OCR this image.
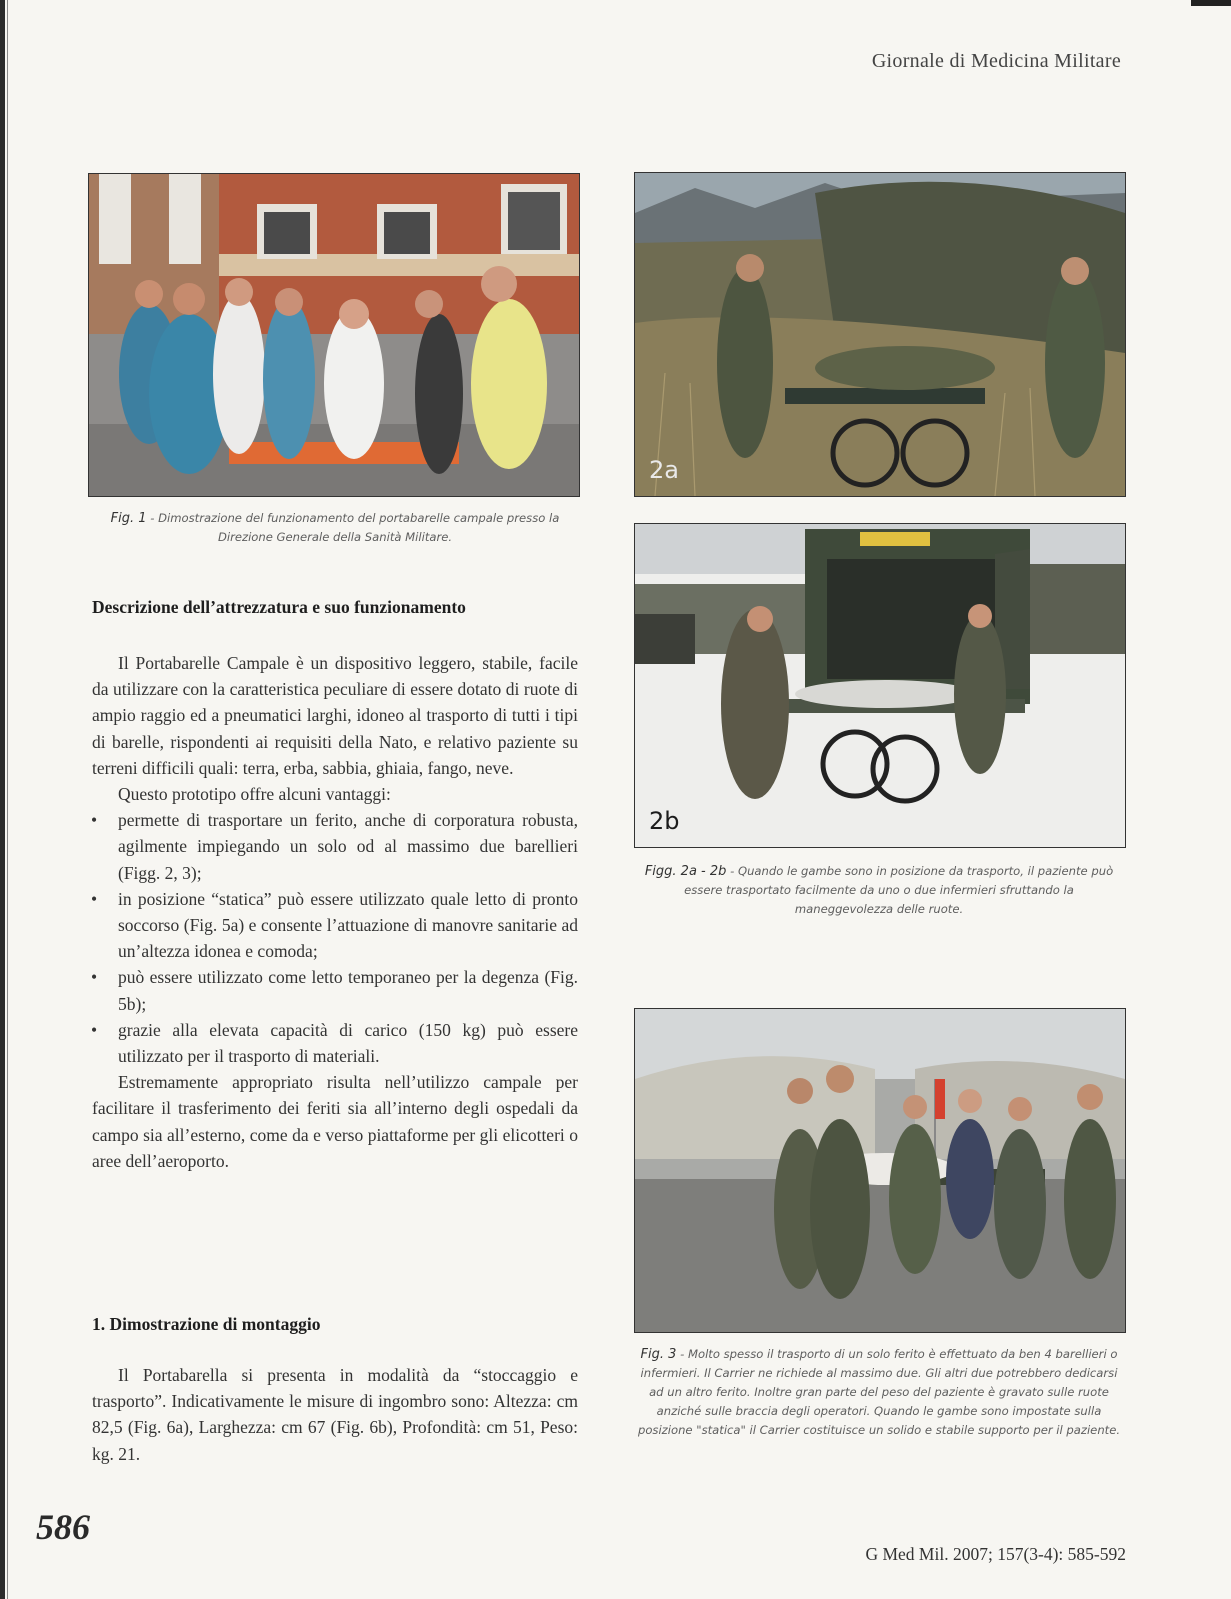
Giornale di Medicina Militare
Fig. 1 - Dimostrazione del funzionamento del portabarelle campale presso la Direzione Generale della Sanità Militare.
2a
2b
Figg. 2a - 2b - Quando le gambe sono in posizione da trasporto, il paziente può essere trasportato facilmente da uno o due infermieri sfruttando la maneggevolezza delle ruote.
Fig. 3 - Molto spesso il trasporto di un solo ferito è effettuato da ben 4 barellieri o infermieri. Il Carrier ne richiede al massimo due. Gli altri due potrebbero dedicarsi ad un altro ferito. Inoltre gran parte del peso del paziente è gravato sulle ruote anziché sulle braccia degli operatori. Quando le gambe sono impostate sulla posizione "statica" il Carrier costituisce un solido e stabile supporto per il paziente.
Descrizione dell’attrezzatura e suo funzionamento

Il Portabarelle Campale è un dispositivo leggero, stabile, facile da utilizzare con la caratteristica peculiare di essere dotato di ruote di ampio raggio ed a pneumatici larghi, idoneo al trasporto di tutti i tipi di barelle, rispondenti ai requisiti della Nato, e relativo paziente su terreni difficili quali: terra, erba, sabbia, ghiaia, fango, neve.

Questo prototipo offre alcuni vantaggi:

• permette di trasportare un ferito, anche di corporatura robusta, agilmente impiegando un solo od al massimo due barellieri (Figg. 2, 3);
• in posizione “statica” può essere utilizzato quale letto di pronto soccorso (Fig. 5a) e consente l’attuazione di manovre sanitarie ad un’altezza idonea e comoda;
• può essere utilizzato come letto temporaneo per la degenza (Fig. 5b);
• grazie alla elevata capacità di carico (150 kg) può essere utilizzato per il trasporto di materiali.

Estremamente appropriato risulta nell’utilizzo campale per facilitare il trasferimento dei feriti sia all’interno degli ospedali da campo sia all’esterno, come da e verso piattaforme per gli elicotteri o aree dell’aeroporto.

1. Dimostrazione di montaggio

Il Portabarella si presenta in modalità da “stoccaggio e trasporto”. Indicativamente le misure di ingombro sono: Altezza: cm 82,5 (Fig. 6a), Larghezza: cm 67 (Fig. 6b), Profondità: cm 51, Peso: kg. 21.

586
G Med Mil. 2007; 157(3-4): 585-592
